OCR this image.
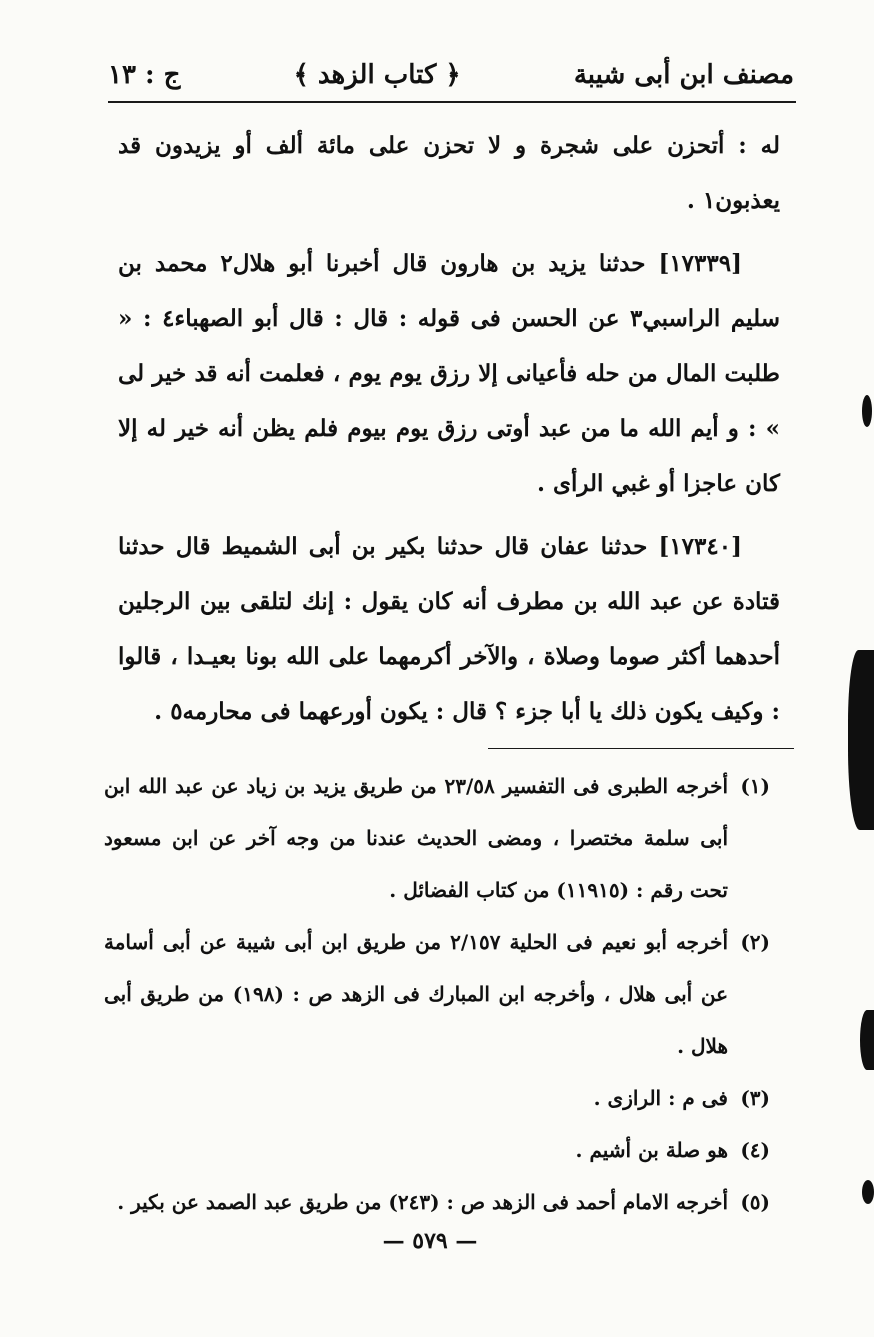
مصنف ابن أبى شيبة
﴿ كتاب الزهد ﴾
ج : ١٣

له : أتحزن على شجرة و لا تحزن على مائة ألف أو يزيدون قد يعذبون١ .

[١٧٣٣٩] حدثنا يزيد بن هارون قال أخبرنا أبو هلال٢ محمد بن سليم الراسبي٣ عن الحسن فى قوله : قال : قال أبو الصهباء٤ : « طلبت المال من حله فأعيانى إلا رزق يوم يوم ، فعلمت أنه قد خير لى » : و أيم الله ما من عبد أوتى رزق يوم بيوم فلم يظن أنه خير له إلا كان عاجزا أو غبي الرأى .

[١٧٣٤٠] حدثنا عفان قال حدثنا بكير بن أبى الشميط قال حدثنا قتادة عن عبد الله بن مطرف أنه كان يقول : إنك لتلقى بين الرجلين أحدهما أكثر صوما وصلاة ، والآخر أكرمهما على الله بونا بعيـدا ، قالوا : وكيف يكون ذلك يا أبا جزء ؟ قال : يكون أورعهما فى محارمه٥ .

(١)
أخرجه الطبرى فى التفسير ٢٣/٥٨ من طريق يزيد بن زياد عن عبد الله ابن أبى سلمة مختصرا ، ومضى الحديث عندنا من وجه آخر عن ابن مسعود تحت رقم : (١١٩١٥) من كتاب الفضائل .
(٢)
أخرجه أبو نعيم فى الحلية ٢/١٥٧ من طريق ابن أبى شيبة عن أبى أسامة عن أبى هلال ، وأخرجه ابن المبارك فى الزهد ص : (١٩٨) من طريق أبى هلال .
(٣)
فى م : الرازى .
(٤)
هو صلة بن أشيم .
(٥)
أخرجه الامام أحمد فى الزهد ص : (٢٤٣) من طريق عبد الصمد عن بكير .
— ٥٧٩ —
